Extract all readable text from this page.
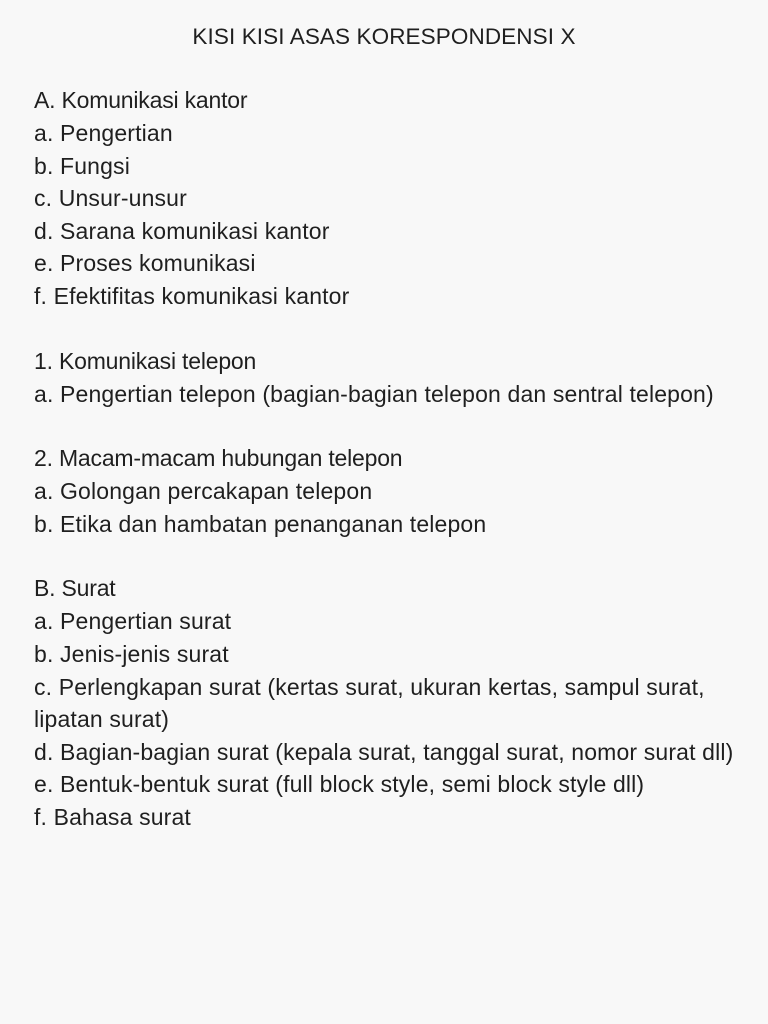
KISI KISI ASAS KORESPONDENSI X
A. Komunikasi kantor
a. Pengertian
b. Fungsi
c. Unsur-unsur
d. Sarana komunikasi kantor
e. Proses komunikasi
f. Efektifitas komunikasi kantor
1. Komunikasi telepon
a. Pengertian telepon (bagian-bagian telepon dan sentral telepon)
2. Macam-macam hubungan telepon
a. Golongan percakapan telepon
b. Etika dan hambatan penanganan telepon
B. Surat
a. Pengertian surat
b. Jenis-jenis surat
c. Perlengkapan surat (kertas surat, ukuran kertas, sampul surat, lipatan surat)
d. Bagian-bagian surat (kepala surat, tanggal surat, nomor surat dll)
e. Bentuk-bentuk surat (full block style, semi block style dll)
f. Bahasa surat
